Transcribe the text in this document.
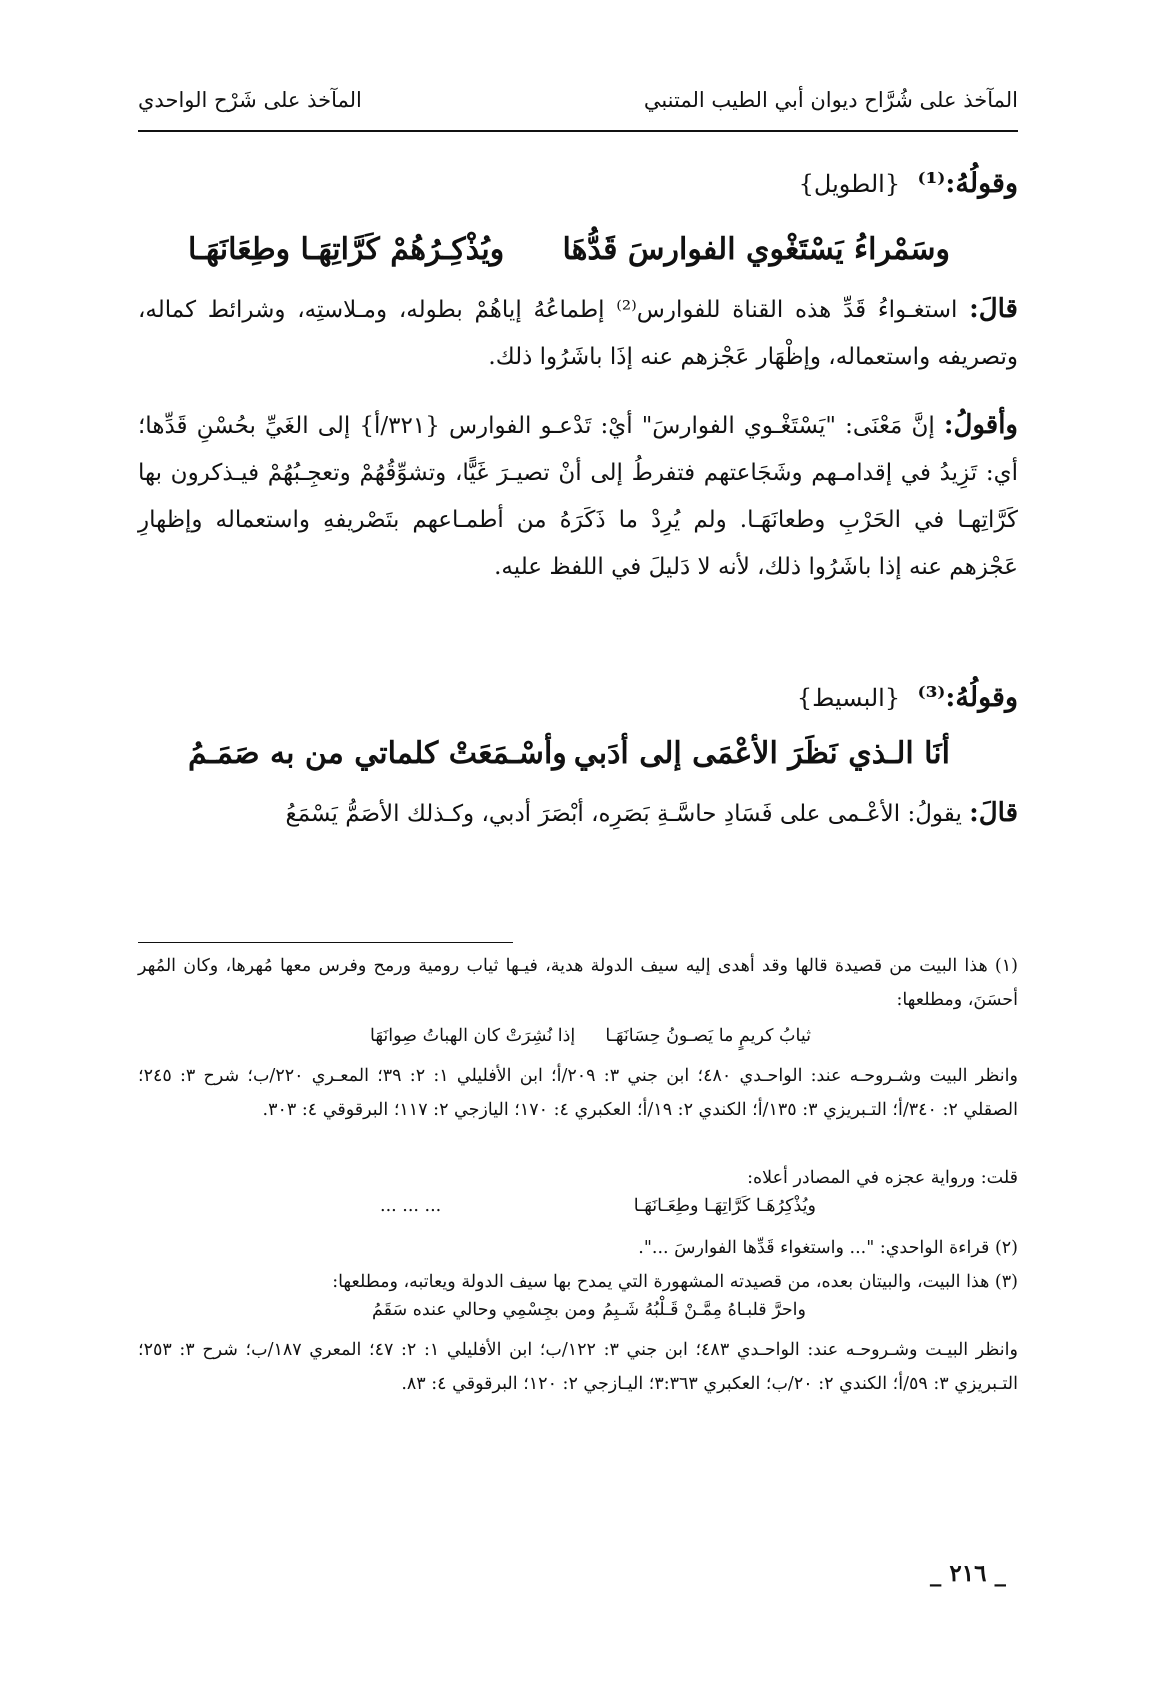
المآخذ على شُرَّاح ديوان أبي الطيب المتنبي
المآخذ على شَرْح الواحدي
وقولُهُ:⁽¹⁾ {الطويل}
وسَمْراءُ يَسْتَغْوي الفوارسَ قَدُّهَا
ويُذْكِـرُهُمْ كَرَّاتِهَـا وطِعَانَهَـا
قالَ: استغـواءُ قَدِّ هذه القناة للفوارس⁽²⁾ إطماعُهُ إياهُمْ بطوله، ومـلاستِه، وشرائط كماله، وتصريفه واستعماله، وإظْهَار عَجْزهم عنه إذَا باشَرُوا ذلك.
وأقولُ: إنَّ مَعْنَى: "يَسْتَغْـوي الفوارسَ" أيْ: تَدْعـو الفوارس {٣٢١/أ} إلى الغَيِّ بحُسْنِ قَدِّها؛ أي: تَزِيدُ في إقدامـهم وشَجَاعتهم فتفرطُ إلى أنْ تصيـرَ غَيًّا، وتشوِّقُهُمْ وتعجِـبُهُمْ فيـذكرون بها كَرَّاتِهـا في الحَرْبِ وطعانَهَـا. ولم يُرِدْ ما ذَكَرَهُ من أطمـاعهم بتَصْريفهِ واستعماله وإظهارِ عَجْزهم عنه إذا باشَرُوا ذلك، لأنه لا دَليلَ في اللفظ عليه.
وقولُهُ:⁽³⁾ {البسيط}
أنَا الـذي نَظَرَ الأعْمَى إلى أدَبي
وأسْـمَعَتْ كلماتي من به صَمَـمُ
قالَ: يقولُ: الأعْـمى على فَسَادِ حاسَّـةِ بَصَرِه، أبْصَرَ أدبي، وكـذلك الأصَمُّ يَسْمَعُ
(١) هذا البيت من قصيدة قالها وقد أهدى إليه سيف الدولة هدية، فيـها ثياب رومية ورمح وفرس معها مُهرها، وكان المُهر أحسَنَ، ومطلعها:
ثيابُ كريمٍ ما يَصـونُ حِسَانَهَـا
إذا نُشِرَتْ كان الهباتُ صِوانَهَا
وانظر البيت وشـروحـه عند: الواحـدي ٤٨٠؛ ابن جني ٣: ٢٠٩/أ؛ ابن الأفليلي ١: ٢: ٣٩؛ المعـري ٢٢٠/ب؛ شرح ٣: ٢٤٥؛ الصقلي ٢: ٣٤٠/أ؛ التـبريزي ٣: ١٣٥/أ؛ الكندي ٢: ١٩/أ؛ العكبري ٤: ١٧٠؛ اليازجي ٢: ١١٧؛ البرقوقي ٤: ٣٠٣.
قلت: ورواية عجزه في المصادر أعلاه:
ويُذْكِرُهَـا كَرَّاتِهَـا وطِعَـانَهَـا
... ... ...
(٢) قراءة الواحدي: "... واستغواء قَدِّها الفوارسَ ...".
(٣) هذا البيت، والبيتان بعده، من قصيدته المشهورة التي يمدح بها سيف الدولة ويعاتبه، ومطلعها:
واحرَّ قلبـاهُ مِمَّـنْ قَـلْبُهُ شَـبِمُ
ومن بجِسْمِي وحالي عنده سَقَمُ
وانظر البيـت وشـروحـه عند: الواحـدي ٤٨٣؛ ابن جني ٣: ١٢٢/ب؛ ابن الأفليلي ١: ٢: ٤٧؛ المعري ١٨٧/ب؛ شرح ٣: ٢٥٣؛ التـبريزي ٣: ٥٩/أ؛ الكندي ٢: ٢٠/ب؛ العكبري ٣:٣٦٣؛ اليـازجي ٢: ١٢٠؛ البرقوقي ٤: ٨٣.
_ ٢١٦ _
